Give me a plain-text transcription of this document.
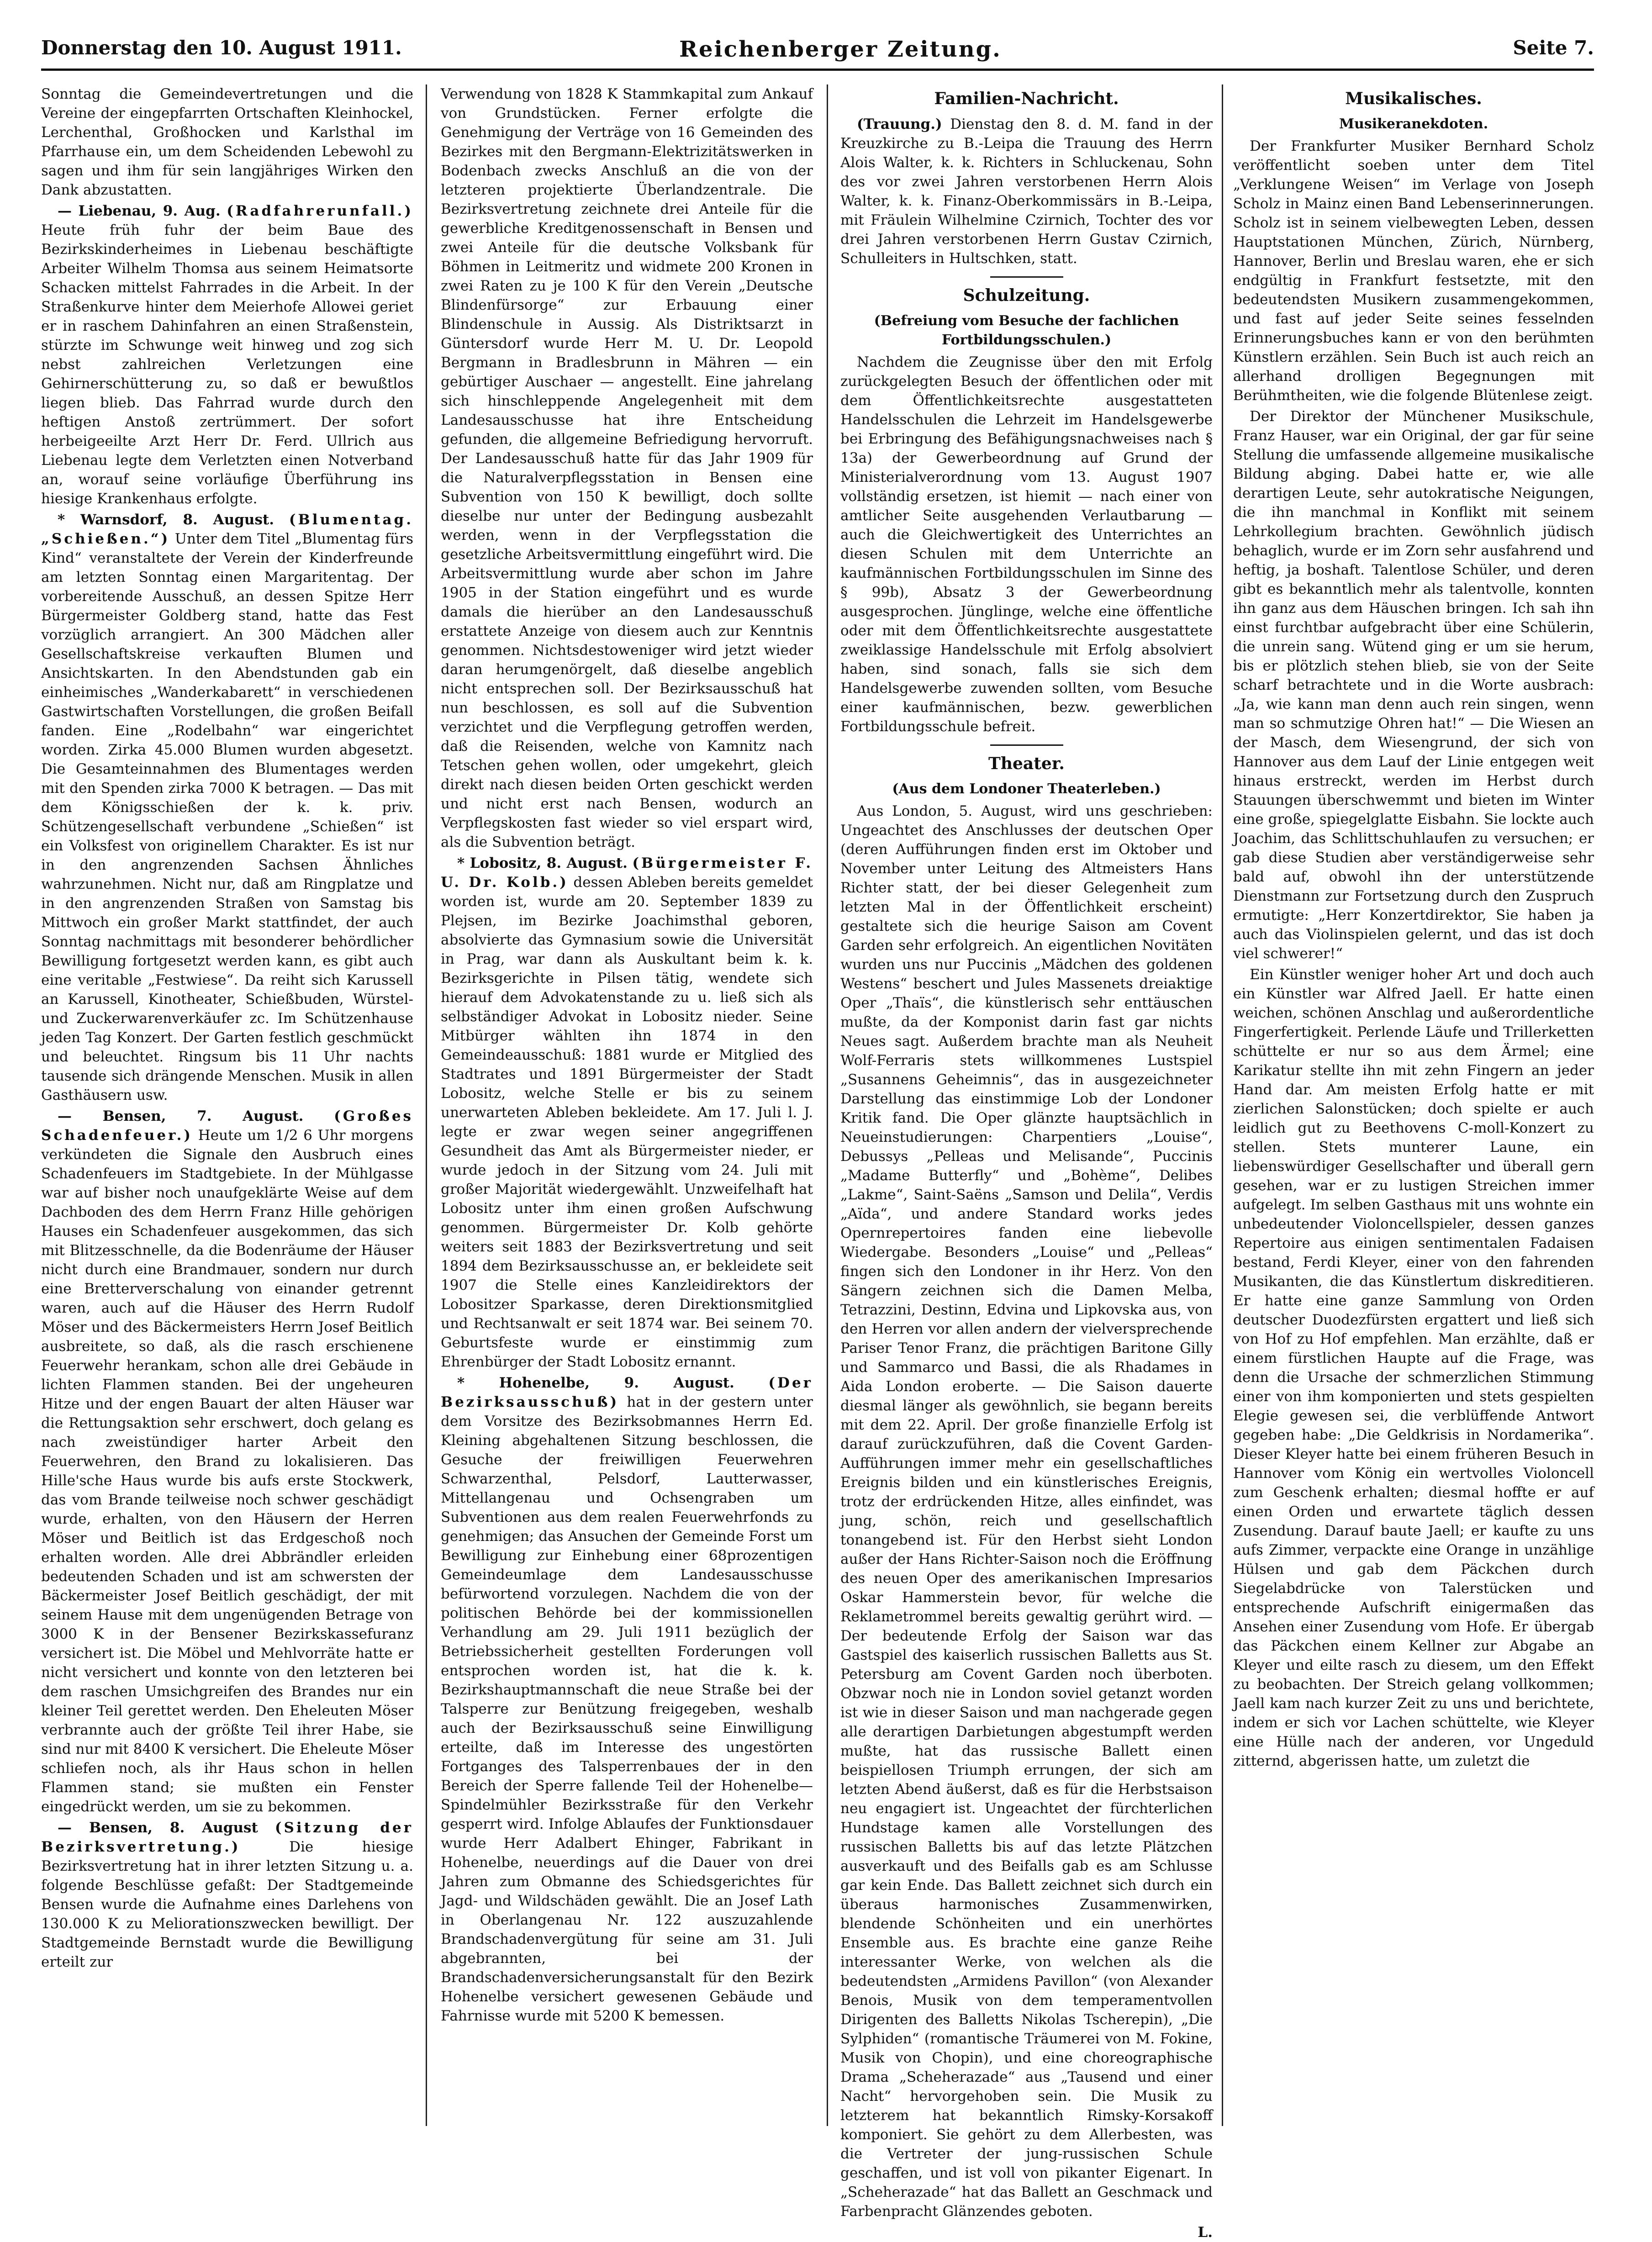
Donnerstag den 10. August 1911.	Reichenberger Zeitung.	Seite 7.

Sonntag die Gemeindevertretungen und die Vereine der eingepfarrten Ortschaften Kleinhockel, Lerchenthal, Großhocken und Karlsthal im Pfarrhause ein, um dem Scheidenden Lebewohl zu sagen und ihm für sein langjähriges Wirken den Dank abzustatten.

— Liebenau, 9. Aug. (Radfahrerunfall.) Heute früh fuhr der beim Baue des Bezirkskinderheimes in Liebenau beschäftigte Arbeiter Wilhelm Thomsa aus seinem Heimatsorte Schacken mittelst Fahrrades in die Arbeit. In der Straßenkurve hinter dem Meierhofe Allowei geriet er in raschem Dahinfahren an einen Straßenstein, stürzte im Schwunge weit hinweg und zog sich nebst zahlreichen Verletzungen eine Gehirnerschütterung zu, so daß er bewußtlos liegen blieb. Das Fahrrad wurde durch den heftigen Anstoß zertrümmert. Der sofort herbeigeeilte Arzt Herr Dr. Ferd. Ullrich aus Liebenau legte dem Verletzten einen Notverband an, worauf seine vorläufige Überführung ins hiesige Krankenhaus erfolgte.

* Warnsdorf, 8. August. (Blumentag. „Schießen.“) Unter dem Titel „Blumentag fürs Kind“ veranstaltete der Verein der Kinderfreunde am letzten Sonntag einen Margaritentag. Der vorbereitende Ausschuß, an dessen Spitze Herr Bürgermeister Goldberg stand, hatte das Fest vorzüglich arrangiert. An 300 Mädchen aller Gesellschaftskreise verkauften Blumen und Ansichtskarten. In den Abendstunden gab ein einheimisches „Wanderkabarett“ in verschiedenen Gastwirtschaften Vorstellungen, die großen Beifall fanden. Eine „Rodelbahn“ war eingerichtet worden. Zirka 45.000 Blumen wurden abgesetzt. Die Gesamteinnahmen des Blumentages werden mit den Spenden zirka 7000 K betragen. — Das mit dem Königsschießen der k. k. priv. Schützengesellschaft verbundene „Schießen“ ist ein Volksfest von originellem Charakter. Es ist nur in den angrenzenden Sachsen Ähnliches wahrzunehmen. Nicht nur, daß am Ringplatze und in den angrenzenden Straßen von Samstag bis Mittwoch ein großer Markt stattfindet, der auch Sonntag nachmittags mit besonderer behördlicher Bewilligung fortgesetzt werden kann, es gibt auch eine veritable „Festwiese“. Da reiht sich Karussell an Karussell, Kinotheater, Schießbuden, Würstel- und Zuckerwarenverkäufer zc. Im Schützenhause jeden Tag Konzert. Der Garten festlich geschmückt und beleuchtet. Ringsum bis 11 Uhr nachts tausende sich drängende Menschen. Musik in allen Gasthäusern usw.

— Bensen, 7. August. (Großes Schadenfeuer.) Heute um 1/2 6 Uhr morgens verkündeten die Signale den Ausbruch eines Schadenfeuers im Stadtgebiete. In der Mühlgasse war auf bisher noch unaufgeklärte Weise auf dem Dachboden des dem Herrn Franz Hille gehörigen Hauses ein Schadenfeuer ausgekommen, das sich mit Blitzesschnelle, da die Bodenräume der Häuser nicht durch eine Brandmauer, sondern nur durch eine Bretterverschalung von einander getrennt waren, auch auf die Häuser des Herrn Rudolf Möser und des Bäckermeisters Herrn Josef Beitlich ausbreitete, so daß, als die rasch erschienene Feuerwehr herankam, schon alle drei Gebäude in lichten Flammen standen. Bei der ungeheuren Hitze und der engen Bauart der alten Häuser war die Rettungsaktion sehr erschwert, doch gelang es nach zweistündiger harter Arbeit den Feuerwehren, den Brand zu lokalisieren. Das Hille'sche Haus wurde bis aufs erste Stockwerk, das vom Brande teilweise noch schwer geschädigt wurde, erhalten, von den Häusern der Herren Möser und Beitlich ist das Erdgeschoß noch erhalten worden. Alle drei Abbrändler erleiden bedeutenden Schaden und ist am schwersten der Bäckermeister Josef Beitlich geschädigt, der mit seinem Hause mit dem ungenügenden Betrage von 3000 K in der Bensener Bezirkskassefuranz versichert ist. Die Möbel und Mehlvorräte hatte er nicht versichert und konnte von den letzteren bei dem raschen Umsichgreifen des Brandes nur ein kleiner Teil gerettet werden. Den Eheleuten Möser verbrannte auch der größte Teil ihrer Habe, sie sind nur mit 8400 K versichert. Die Eheleute Möser schliefen noch, als ihr Haus schon in hellen Flammen stand; sie mußten ein Fenster eingedrückt werden, um sie zu bekommen.

— Bensen, 8. August (Sitzung der Bezirksvertretung.)	Die hiesige Bezirksvertretung hat in ihrer letzten Sitzung u. a. folgende Beschlüsse gefaßt: Der Stadtgemeinde Bensen wurde die Aufnahme eines Darlehens von 130.000 K zu Meliorationszwecken bewilligt. Der Stadtgemeinde Bernstadt wurde die Bewilligung erteilt zur

Verwendung von 1828 K Stammkapital zum Ankauf von Grundstücken. Ferner erfolgte die Genehmigung der Verträge von 16 Gemeinden des Bezirkes mit den Bergmann-Elektrizitätswerken in Bodenbach zwecks Anschluß an die von der letzteren projektierte Überlandzentrale. Die Bezirksvertretung zeichnete drei Anteile für die gewerbliche Kreditgenossenschaft in Bensen und zwei Anteile für die deutsche Volksbank für Böhmen in Leitmeritz und widmete 200 Kronen in zwei Raten zu je 100 K für den Verein „Deutsche Blindenfürsorge“ zur Erbauung einer Blindenschule in Aussig. Als Distriktsarzt in Güntersdorf wurde Herr M. U. Dr. Leopold Bergmann in Bradlesbrunn in Mähren — ein gebürtiger Auschaer — angestellt. Eine jahrelang sich hinschleppende Angelegenheit mit dem Landesausschusse hat ihre Entscheidung gefunden, die allgemeine Befriedigung hervorruft. Der Landesausschuß hatte für das Jahr 1909 für die Naturalverpflegsstation in Bensen eine Subvention von 150 K bewilligt, doch sollte dieselbe nur unter der Bedingung ausbezahlt werden, wenn in der Verpflegsstation die gesetzliche Arbeitsvermittlung eingeführt wird. Die Arbeitsvermittlung wurde aber schon im Jahre 1905 in der Station eingeführt und es wurde damals die hierüber an den Landesausschuß erstattete Anzeige von diesem auch zur Kenntnis genommen. Nichtsdestoweniger wird jetzt wieder daran herumgenörgelt, daß dieselbe angeblich nicht entsprechen soll. Der Bezirksausschuß hat nun beschlossen, es soll auf die Subvention verzichtet und die Verpflegung getroffen werden, daß die Reisenden, welche von Kamnitz nach Tetschen gehen wollen, oder umgekehrt, gleich direkt nach diesen beiden Orten geschickt werden und nicht erst nach Bensen, wodurch an Verpflegskosten fast wieder so viel erspart wird, als die Subvention beträgt.

* Lobositz, 8. August. (Bürgermeister F. U. Dr. Kolb.) dessen Ableben bereits gemeldet worden ist, wurde am 20. September 1839 zu Plejsen, im Bezirke Joachimsthal geboren, absolvierte das Gymnasium sowie die Universität in Prag, war dann als Auskultant beim k. k. Bezirksgerichte in Pilsen tätig, wendete sich hierauf dem Advokatenstande zu u. ließ sich als selbständiger Advokat in Lobositz nieder. Seine Mitbürger wählten ihn 1874 in den Gemeindeausschuß: 1881 wurde er Mitglied des Stadtrates und 1891 Bürgermeister der Stadt Lobositz, welche Stelle er bis zu seinem unerwarteten Ableben bekleidete. Am 17. Juli l. J. legte er zwar wegen seiner angegriffenen Gesundheit das Amt als Bürgermeister nieder, er wurde jedoch in der Sitzung vom 24. Juli mit großer Majorität wiedergewählt. Unzweifelhaft hat Lobositz unter ihm einen großen Aufschwung genommen. Bürgermeister Dr. Kolb gehörte weiters seit 1883 der Bezirksvertretung und seit 1894 dem Bezirksausschusse an, er bekleidete seit 1907 die Stelle eines Kanzleidirektors der Lobositzer Sparkasse, deren Direktionsmitglied und Rechtsanwalt er seit 1874 war. Bei seinem 70. Geburtsfeste wurde er einstimmig zum Ehrenbürger der Stadt Lobositz ernannt.

* Hohenelbe, 9. August. (Der Bezirksausschuß) hat in der gestern unter dem Vorsitze des Bezirksobmannes Herrn Ed. Kleining abgehaltenen Sitzung beschlossen, die Gesuche der freiwilligen Feuerwehren Schwarzenthal, Pelsdorf, Lautterwasser, Mittellangenau und Ochsengraben um Subventionen aus dem realen Feuerwehrfonds zu genehmigen; das Ansuchen der Gemeinde Forst um Bewilligung zur Einhebung einer 68prozentigen Gemeindeumlage dem Landesausschusse befürwortend vorzulegen. Nachdem die von der politischen Behörde bei der kommissionellen Verhandlung am 29. Juli 1911 bezüglich der Betriebssicherheit gestellten Forderungen voll entsprochen worden ist, hat die k. k. Bezirkshauptmannschaft die neue Straße bei der Talsperre zur Benützung freigegeben, weshalb auch der Bezirksausschuß seine Einwilligung erteilte, daß im Interesse des ungestörten Fortganges des Talsperrenbaues der in den Bereich der Sperre fallende Teil der Hohenelbe—Spindelmühler Bezirksstraße für den Verkehr gesperrt wird. Infolge Ablaufes der Funktionsdauer wurde Herr Adalbert Ehinger, Fabrikant in Hohenelbe, neuerdings auf die Dauer von drei Jahren zum Obmanne des Schiedsgerichtes für Jagd- und Wildschäden gewählt. Die an Josef Lath in Oberlangenau Nr. 122 auszuzahlende Brandschadenvergütung für seine am 31. Juli abgebrannten, bei der Brandschadenversicherungsanstalt für den Bezirk Hohenelbe versichert gewesenen Gebäude und Fahrnisse wurde mit 5200 K bemessen.

Familien-Nachricht.

(Trauung.) Dienstag den 8. d. M. fand in der Kreuzkirche zu B.-Leipa die Trauung des Herrn Alois Walter, k. k. Richters in Schluckenau, Sohn des vor zwei Jahren verstorbenen Herrn Alois Walter, k. k. Finanz-Oberkommissärs in B.-Leipa, mit Fräulein Wilhelmine Czirnich, Tochter des vor drei Jahren verstorbenen Herrn Gustav Czirnich, Schulleiters in Hultschken, statt.

Schulzeitung.
(Befreiung vom Besuche der fachlichen Fortbildungsschulen.)

Nachdem die Zeugnisse über den mit Erfolg zurückgelegten Besuch der öffentlichen oder mit dem Öffentlichkeitsrechte ausgestatteten Handelsschulen die Lehrzeit im Handelsgewerbe bei Erbringung des Befähigungsnachweises nach § 13a) der Gewerbeordnung auf Grund der Ministerialverordnung vom 13. August 1907 vollständig ersetzen, ist hiemit — nach einer von amtlicher Seite ausgehenden Verlautbarung — auch die Gleichwertigkeit des Unterrichtes an diesen Schulen mit dem Unterrichte an kaufmännischen Fortbildungsschulen im Sinne des § 99b), Absatz 3 der Gewerbeordnung ausgesprochen. Jünglinge, welche eine öffentliche oder mit dem Öffentlichkeitsrechte ausgestattete zweiklassige Handelsschule mit Erfolg absolviert haben, sind sonach, falls sie sich dem Handelsgewerbe zuwenden sollten, vom Besuche einer kaufmännischen, bezw. gewerblichen Fortbildungsschule befreit.

Theater.
(Aus dem Londoner Theaterleben.)

Aus London, 5. August, wird uns geschrieben: Ungeachtet des Anschlusses der deutschen Oper (deren Aufführungen finden erst im Oktober und November unter Leitung des Altmeisters Hans Richter statt, der bei dieser Gelegenheit zum letzten Mal in der Öffentlichkeit erscheint) gestaltete sich die heurige Saison am Covent Garden sehr erfolgreich. An eigentlichen Novitäten wurden uns nur Puccinis „Mädchen des goldenen Westens“ beschert und Jules Massenets dreiaktige Oper „Thaïs“, die künstlerisch sehr enttäuschen mußte, da der Komponist darin fast gar nichts Neues sagt. Außerdem brachte man als Neuheit Wolf-Ferraris stets willkommenes Lustspiel „Susannens Geheimnis“, das in ausgezeichneter Darstellung das einstimmige Lob der Londoner Kritik fand. Die Oper glänzte hauptsächlich in Neueinstudierungen: Charpentiers „Louise“, Debussys „Pelleas und Melisande“, Puccinis „Madame Butterfly“ und „Bohème“, Delibes „Lakme“, Saint-Saëns „Samson und Delila“, Verdis „Aïda“, und andere Standard works jedes Opernrepertoires fanden eine liebevolle Wiedergabe. Besonders „Louise“ und „Pelleas“ fingen sich den Londoner in ihr Herz. Von den Sängern zeichnen sich die Damen Melba, Tetrazzini, Destinn, Edvina und Lipkovska aus, von den Herren vor allen andern der vielversprechende Pariser Tenor Franz, die prächtigen Baritone Gilly und Sammarco und Bassi, die als Rhadames in Aida London eroberte. — Die Saison dauerte diesmal länger als gewöhnlich, sie begann bereits mit dem 22. April. Der große finanzielle Erfolg ist darauf zurückzuführen, daß die Covent Garden-Aufführungen immer mehr ein gesellschaftliches Ereignis bilden und ein künstlerisches Ereignis, trotz der erdrückenden Hitze, alles einfindet, was jung, schön, reich und gesellschaftlich tonangebend ist. Für den Herbst sieht London außer der Hans Richter-Saison noch die Eröffnung des neuen Oper des amerikanischen Impresarios Oskar Hammerstein bevor, für welche die Reklametrommel bereits gewaltig gerührt wird. — Der bedeutende Erfolg der Saison war das Gastspiel des kaiserlich russischen Balletts aus St. Petersburg am Covent Garden noch überboten. Obzwar noch nie in London soviel getanzt worden ist wie in dieser Saison und man nachgerade gegen alle derartigen Darbietungen abgestumpft werden mußte, hat das russische Ballett einen beispiellosen Triumph errungen, der sich am letzten Abend äußerst, daß es für die Herbstsaison neu engagiert ist. Ungeachtet der fürchterlichen Hundstage kamen alle Vorstellungen des russischen Balletts bis auf das letzte Plätzchen ausverkauft und des Beifalls gab es am Schlusse gar kein Ende. Das Ballett zeichnet sich durch ein überaus harmonisches Zusammenwirken, blendende Schönheiten und ein unerhörtes Ensemble aus. Es brachte eine ganze Reihe interessanter Werke, von welchen als die bedeutendsten „Armidens Pavillon“ (von Alexander Benois, Musik von dem temperamentvollen Dirigenten des Balletts Nikolas Tscherepin), „Die Sylphiden“ (romantische Träumerei von M. Fokine, Musik von Chopin), und eine choreographische Drama „Scheherazade“ aus „Tausend und einer Nacht“ hervorgehoben sein. Die Musik zu letzterem hat bekanntlich Rimsky-Korsakoff komponiert. Sie gehört zu dem Allerbesten, was die Vertreter der jung-russischen Schule geschaffen, und ist voll von pikanter Eigenart. In „Scheherazade“ hat das Ballett an Geschmack und Farbenpracht Glänzendes geboten.

L.
Musikalisches.
Musikeranekdoten.

Der Frankfurter Musiker Bernhard Scholz veröffentlicht soeben unter dem Titel „Verklungene Weisen“ im Verlage von Joseph Scholz in Mainz einen Band Lebenserinnerungen. Scholz ist in seinem vielbewegten Leben, dessen Hauptstationen München, Zürich, Nürnberg, Hannover, Berlin und Breslau waren, ehe er sich endgültig in Frankfurt festsetzte, mit den bedeutendsten Musikern zusammengekommen, und fast auf jeder Seite seines fesselnden Erinnerungsbuches kann er von den berühmten Künstlern erzählen. Sein Buch ist auch reich an allerhand drolligen Begegnungen mit Berühmtheiten, wie die folgende Blütenlese zeigt.

Der Direktor der Münchener Musikschule, Franz Hauser, war ein Original, der gar für seine Stellung die umfassende allgemeine musikalische Bildung abging. Dabei hatte er, wie alle derartigen Leute, sehr autokratische Neigungen, die ihn manchmal in Konflikt mit seinem Lehrkollegium brachten. Gewöhnlich jüdisch behaglich, wurde er im Zorn sehr ausfahrend und heftig, ja boshaft. Talentlose Schüler, und deren gibt es bekanntlich mehr als talentvolle, konnten ihn ganz aus dem Häuschen bringen. Ich sah ihn einst furchtbar aufgebracht über eine Schülerin, die unrein sang. Wütend ging er um sie herum, bis er plötzlich stehen blieb, sie von der Seite scharf betrachtete und in die Worte ausbrach: „Ja, wie kann man denn auch rein singen, wenn man so schmutzige Ohren hat!“ — Die Wiesen an der Masch, dem Wiesengrund, der sich von Hannover aus dem Lauf der Linie entgegen weit hinaus erstreckt, werden im Herbst durch Stauungen überschwemmt und bieten im Winter eine große, spiegelglatte Eisbahn. Sie lockte auch Joachim, das Schlittschuhlaufen zu versuchen; er gab diese Studien aber verständigerweise sehr bald auf, obwohl ihn der unterstützende Dienstmann zur Fortsetzung durch den Zuspruch ermutigte: „Herr Konzertdirektor, Sie haben ja auch das Violinspielen gelernt, und das ist doch viel schwerer!“

Ein Künstler weniger hoher Art und doch auch ein Künstler war Alfred Jaell. Er hatte einen weichen, schönen Anschlag und außerordentliche Fingerfertigkeit. Perlende Läufe und Trillerketten schüttelte er nur so aus dem Ärmel; eine Karikatur stellte ihn mit zehn Fingern an jeder Hand dar. Am meisten Erfolg hatte er mit zierlichen Salonstücken; doch spielte er auch leidlich gut zu Beethovens C-moll-Konzert zu stellen. Stets munterer Laune, ein liebenswürdiger Gesellschafter und überall gern gesehen, war er zu lustigen Streichen immer aufgelegt. Im selben Gasthaus mit uns wohnte ein unbedeutender Violoncellspieler, dessen ganzes Repertoire aus einigen sentimentalen Fadaisen bestand, Ferdi Kleyer, einer von den fahrenden Musikanten, die das Künstlertum diskreditieren. Er hatte eine ganze Sammlung von Orden deutscher Duodezfürsten ergattert und ließ sich von Hof zu Hof empfehlen. Man erzählte, daß er einem fürstlichen Haupte auf die Frage, was denn die Ursache der schmerzlichen Stimmung einer von ihm komponierten und stets gespielten Elegie gewesen sei, die verblüffende Antwort gegeben habe: „Die Geldkrisis in Nordamerika“. Dieser Kleyer hatte bei einem früheren Besuch in Hannover vom König ein wertvolles Violoncell zum Geschenk erhalten; diesmal hoffte er auf einen Orden und erwartete täglich dessen Zusendung. Darauf baute Jaell; er kaufte zu uns aufs Zimmer, verpackte eine Orange in unzählige Hülsen und gab dem Päckchen durch Siegelabdrücke von Talerstücken und entsprechende Aufschrift einigermaßen das Ansehen einer Zusendung vom Hofe. Er übergab das Päckchen einem Kellner zur Abgabe an Kleyer und eilte rasch zu diesem, um den Effekt zu beobachten. Der Streich gelang vollkommen; Jaell kam nach kurzer Zeit zu uns und berichtete, indem er sich vor Lachen schüttelte, wie Kleyer eine Hülle nach der anderen, vor Ungeduld zitternd, abgerissen hatte, um zuletzt die
